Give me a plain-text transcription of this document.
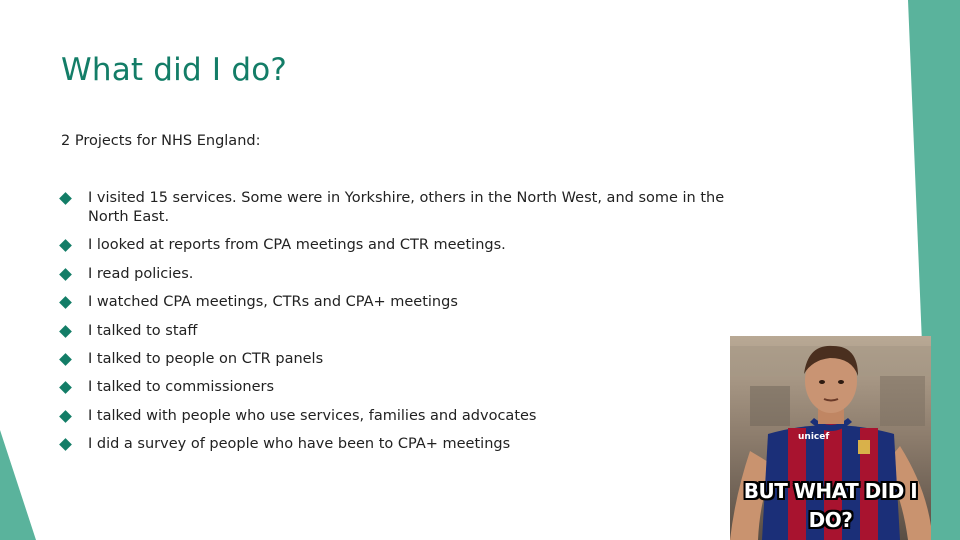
What did I do?
2 Projects for NHS England:
I visited 15 services. Some were in Yorkshire, others in the North West, and some in the North East.
I looked at reports from CPA meetings and CTR meetings.
I read policies.
I watched CPA meetings, CTRs and CPA+ meetings
I talked to staff
I talked to people on CTR panels
I talked to commissioners
I talked with people who use services, families and advocates
I did a survey of people who have been to CPA+ meetings	unicef
BUT WHAT DID I
DO?
